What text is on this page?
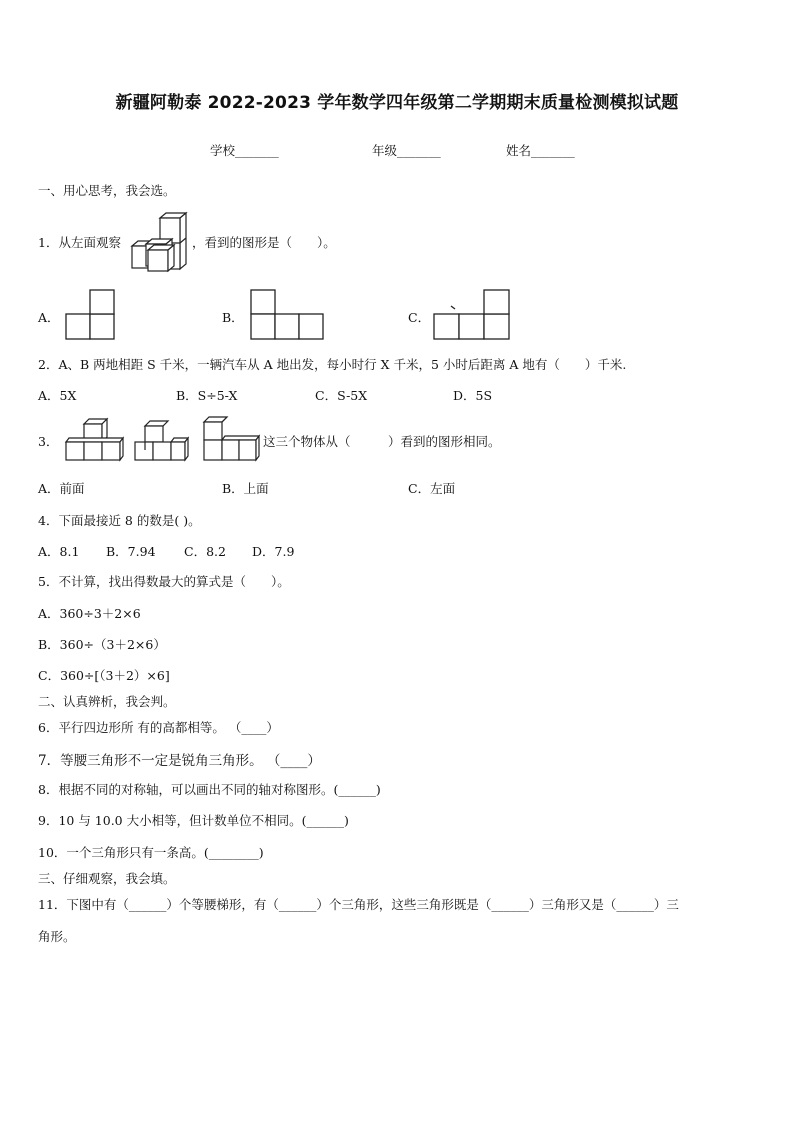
新疆阿勒泰 2022-2023 学年数学四年级第二学期期末质量检测模拟试题
学校_______	年级_______	姓名_______
一、用心思考，我会选。
1．从左面观察	，看到的图形是（　　）。
A．	B．	C．
2．A、B 两地相距 S 千米，一辆汽车从 A 地出发，每小时行 X 千米，5 小时后距离 A 地有（　　）千米.
A．5X	B．S÷5-X	C．S-5X	D．5S
3．	这三个物体从（　　　）看到的图形相同。
A．前面	B．上面	C．左面
4．下面最接近 8 的数是( )。
A．8.1 B．7.94 C．8.2 D．7.9
5．不计算，找出得数最大的算式是（　　）。
A．360÷3＋2×6
B．360÷（3＋2×6）
C．360÷[（3＋2）×6]
二、认真辨析，我会判。
6．平行四边形所 有的高都相等。 （____）
7．等腰三角形不一定是锐角三角形。 （____）
8．根据不同的对称轴，可以画出不同的轴对称图形。(______)
9．10 与 10.0 大小相等，但计数单位不相同。(______)
10．一个三角形只有一条高。(________)
三、仔细观察，我会填。
11．下图中有（______）个等腰梯形，有（______）个三角形，这些三角形既是（______）三角形又是（______）三
角形。
